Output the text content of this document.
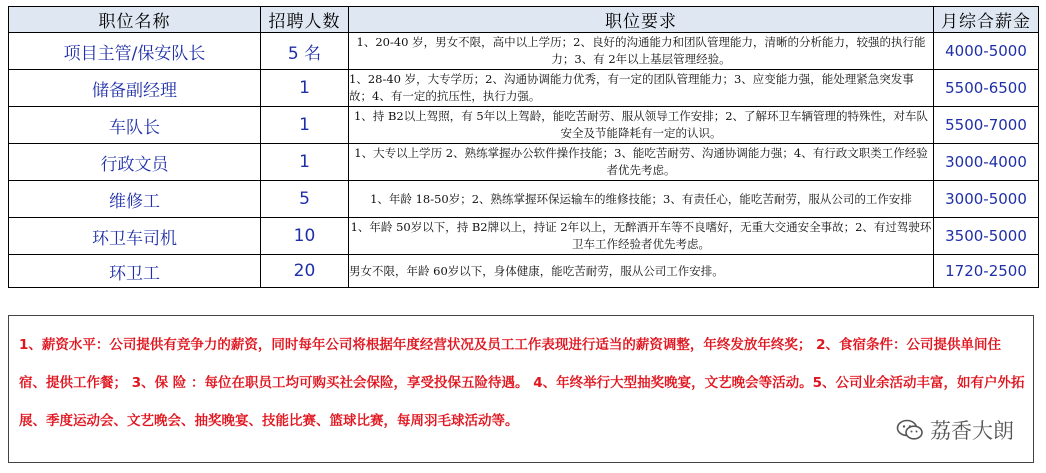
职位名称	招聘人数	职位要求	月综合薪金
项目主管/保安队长	5 名	1、20-40 岁，男女不限，高中以上学历；2、良好的沟通能力和团队管理能力，清晰的分析能力，较强的执行能力；3、有 2年以上基层管理经验。	4000-5000
储备副经理	1	1、28-40 岁，大专学历；2、沟通协调能力优秀，有一定的团队管理能力；3、应变能力强，能处理紧急突发事故；4、有一定的抗压性，执行力强。	5500-6500
车队长	1	1、持 B2以上驾照，有 5年以上驾龄，能吃苦耐劳、服从领导工作安排；2、了解环卫车辆管理的特殊性，对车队安全及节能降耗有一定的认识。	5500-7000
行政文员	1	1、大专以上学历 2、熟练掌握办公软件操作技能；3、能吃苦耐劳、沟通协调能力强；4、有行政文职类工作经验者优先考虑。	3000-4000
维修工	5	1、年龄 18-50岁；2、熟练掌握环保运输车的维修技能；3、有责任心，能吃苦耐劳，服从公司的工作安排	3000-5000
环卫车司机	10	1、年龄 50岁以下，持 B2牌以上，持证 2年以上，无醉酒开车等不良嗜好，无重大交通安全事故；2、有过驾驶环卫车工作经验者优先考虑。	3500-5000
环卫工	20	男女不限，年龄 60岁以下，身体健康，能吃苦耐劳，服从公司工作安排。	1720-2500
1、薪资水平：公司提供有竞争力的薪资，同时每年公司将根据年度经营状况及员工工作表现进行适当的薪资调整，年终发放年终奖； 2、食宿条件：公司提供单间住宿、提供工作餐； 3、保 险 ：每位在职员工均可购买社会保险，享受投保五险待遇。 4、年终举行大型抽奖晚宴，文艺晚会等活动。5、公司业余活动丰富，如有户外拓展、季度运动会、文艺晚会、抽奖晚宴、技能比赛、篮球比赛，每周羽毛球活动等。	荔香大朗
